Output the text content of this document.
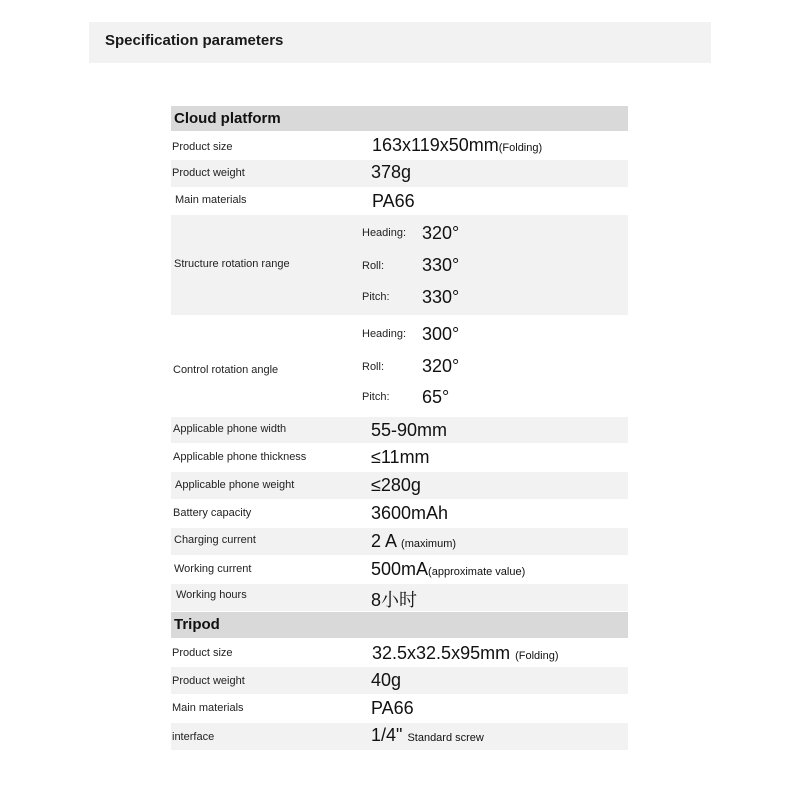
Specification parameters
Cloud platform
Product size	163x119x50mm(Folding)
Product weight	378g
Main materials	PA66
Structure rotation range
Heading: 320°
Roll: 330°
Pitch: 330°
Control rotation angle
Heading: 300°
Roll: 320°
Pitch: 65°
Applicable phone width	55-90mm
Applicable phone thickness	≤11mm
Applicable phone weight	≤280g
Battery capacity	3600mAh
Charging current	2 A (maximum)
Working current	500mA(approximate value)
Working hours	8小时
Tripod
Product size	32.5x32.5x95mm (Folding)
Product weight	40g
Main materials	PA66
interface	1/4" Standard screw
